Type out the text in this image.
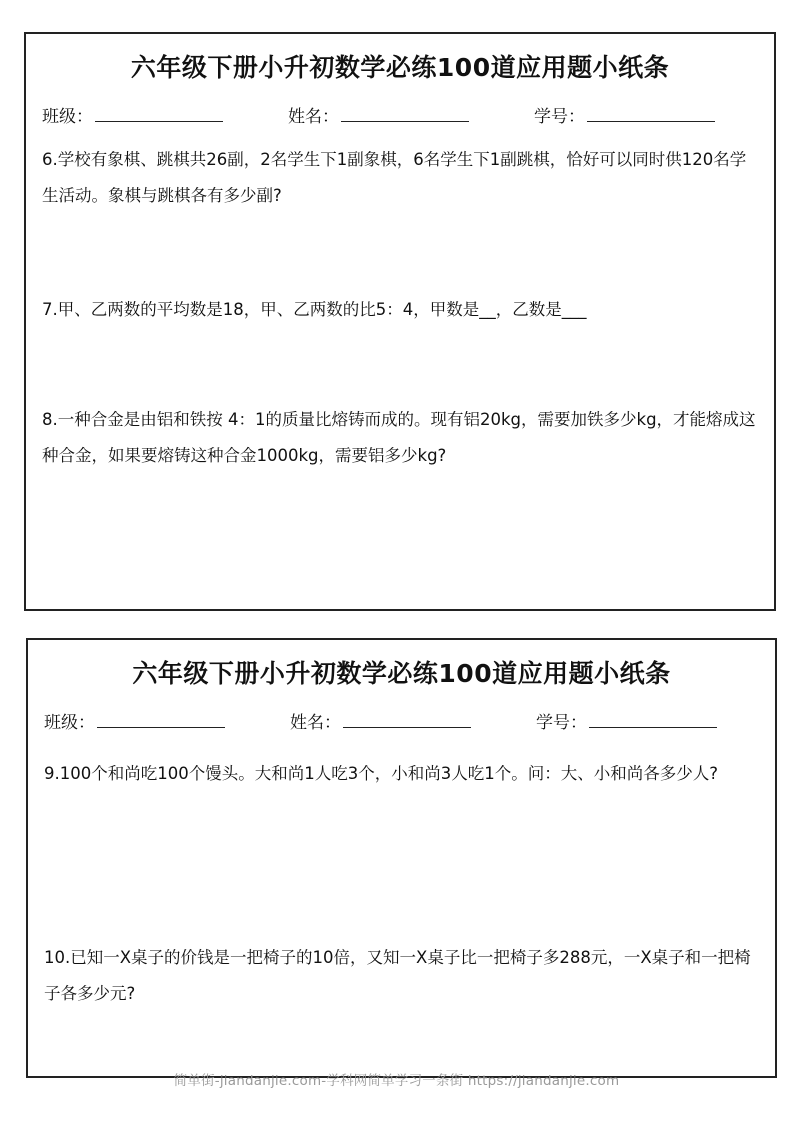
六年级下册小升初数学必练100道应用题小纸条
班级：	姓名：	学号：
6.学校有象棋、跳棋共26副，2名学生下1副象棋，6名学生下1副跳棋，恰好可以同时供120名学生活动。象棋与跳棋各有多少副?
7.甲、乙两数的平均数是18，甲、乙两数的比5：4，甲数是__，乙数是___
8.一种合金是由铝和铁按 4：1的质量比熔铸而成的。现有铝20kg，需要加铁多少kg，才能熔成这种合金，如果要熔铸这种合金1000kg，需要铝多少kg?
六年级下册小升初数学必练100道应用题小纸条
班级：	姓名：	学号：
9.100个和尚吃100个馒头。大和尚1人吃3个，小和尚3人吃1个。问：大、小和尚各多少人?
10.已知一X桌子的价钱是一把椅子的10倍，又知一X桌子比一把椅子多288元，一X桌子和一把椅子各多少元?
简单街-jiandanjie.com-学科网简单学习一条街 https://jiandanjie.com
